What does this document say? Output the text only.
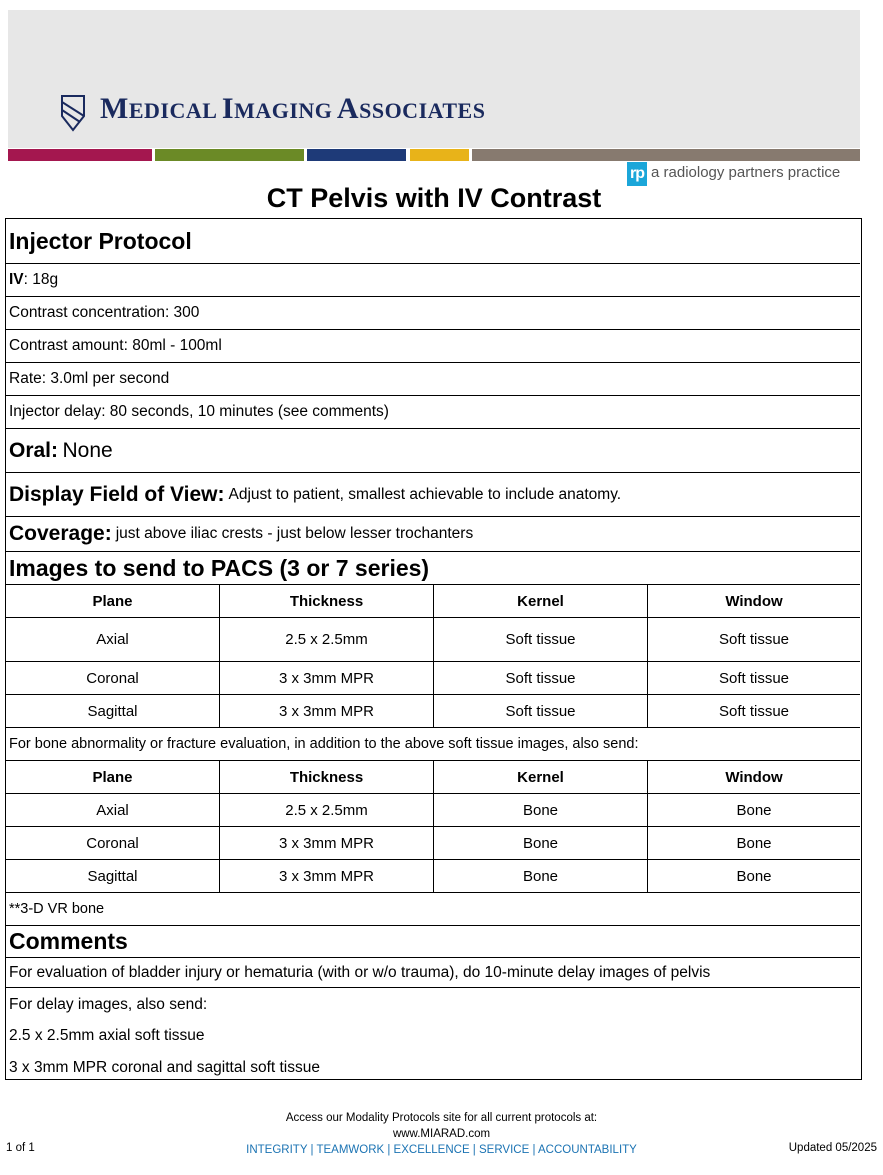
MEDICAL IMAGING ASSOCIATES
rp a radiology partners practice
CT Pelvis with IV Contrast
Injector Protocol
IV : 18g
Contrast concentration: 300
Contrast amount: 80ml - 100ml
Rate: 3.0ml per second
Injector delay: 80 seconds, 10 minutes (see comments)
Oral:
None
Display Field of View: Adjust to patient, smallest achievable to include anatomy.
Coverage: just above iliac crests - just below lesser trochanters
Images to send to PACS (3 or 7 series)
Plane	Thickness	Kernel	Window
Axial	2.5 x 2.5mm	Soft tissue	Soft tissue
Coronal	3 x 3mm MPR	Soft tissue	Soft tissue
Sagittal	3 x 3mm MPR	Soft tissue	Soft tissue
For bone abnormality or fracture evaluation, in addition to the above soft tissue images, also send:
Plane	Thickness	Kernel	Window
Axial	2.5 x 2.5mm	Bone	Bone
Coronal	3 x 3mm MPR	Bone	Bone
Sagittal	3 x 3mm MPR	Bone	Bone
**3-D VR bone
Comments
For evaluation of bladder injury or hematuria (with or w/o trauma), do 10-minute delay images of pelvis
For delay images, also send:
2.5 x 2.5mm axial soft tissue
3 x 3mm MPR coronal and sagittal soft tissue
Access our Modality Protocols site for all current protocols at:
www.MIARAD.com
INTEGRITY | TEAMWORK | EXCELLENCE | SERVICE | ACCOUNTABILITY
1 of 1	Updated 05/2025
